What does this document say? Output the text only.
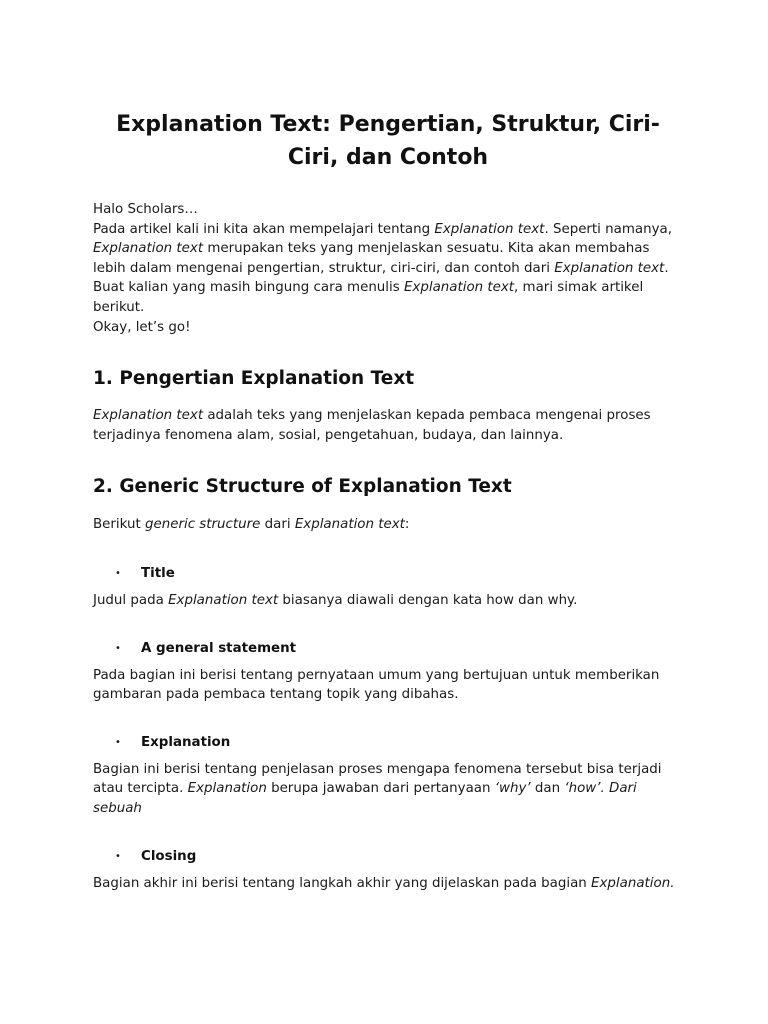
Explanation Text: Pengertian, Struktur, Ciri-Ciri, dan Contoh

Halo Scholars…
Pada artikel kali ini kita akan mempelajari tentang Explanation text. Seperti namanya, Explanation text merupakan teks yang menjelaskan sesuatu. Kita akan membahas lebih dalam mengenai pengertian, struktur, ciri-ciri, dan contoh dari Explanation text. Buat kalian yang masih bingung cara menulis Explanation text, mari simak artikel berikut.
Okay, let’s go!

1. Pengertian Explanation Text

Explanation text adalah teks yang menjelaskan kepada pembaca mengenai proses terjadinya fenomena alam, sosial, pengetahuan, budaya, dan lainnya.

2. Generic Structure of Explanation Text

Berikut generic structure dari Explanation text:

•	Title

Judul pada Explanation text biasanya diawali dengan kata how dan why.

•	A general statement

Pada bagian ini berisi tentang pernyataan umum yang bertujuan untuk memberikan gambaran pada pembaca tentang topik yang dibahas.

•	Explanation

Bagian ini berisi tentang penjelasan proses mengapa fenomena tersebut bisa terjadi atau tercipta. Explanation berupa jawaban dari pertanyaan ‘why’ dan ‘how’. Dari sebuah

•	Closing

Bagian akhir ini berisi tentang langkah akhir yang dijelaskan pada bagian Explanation.
